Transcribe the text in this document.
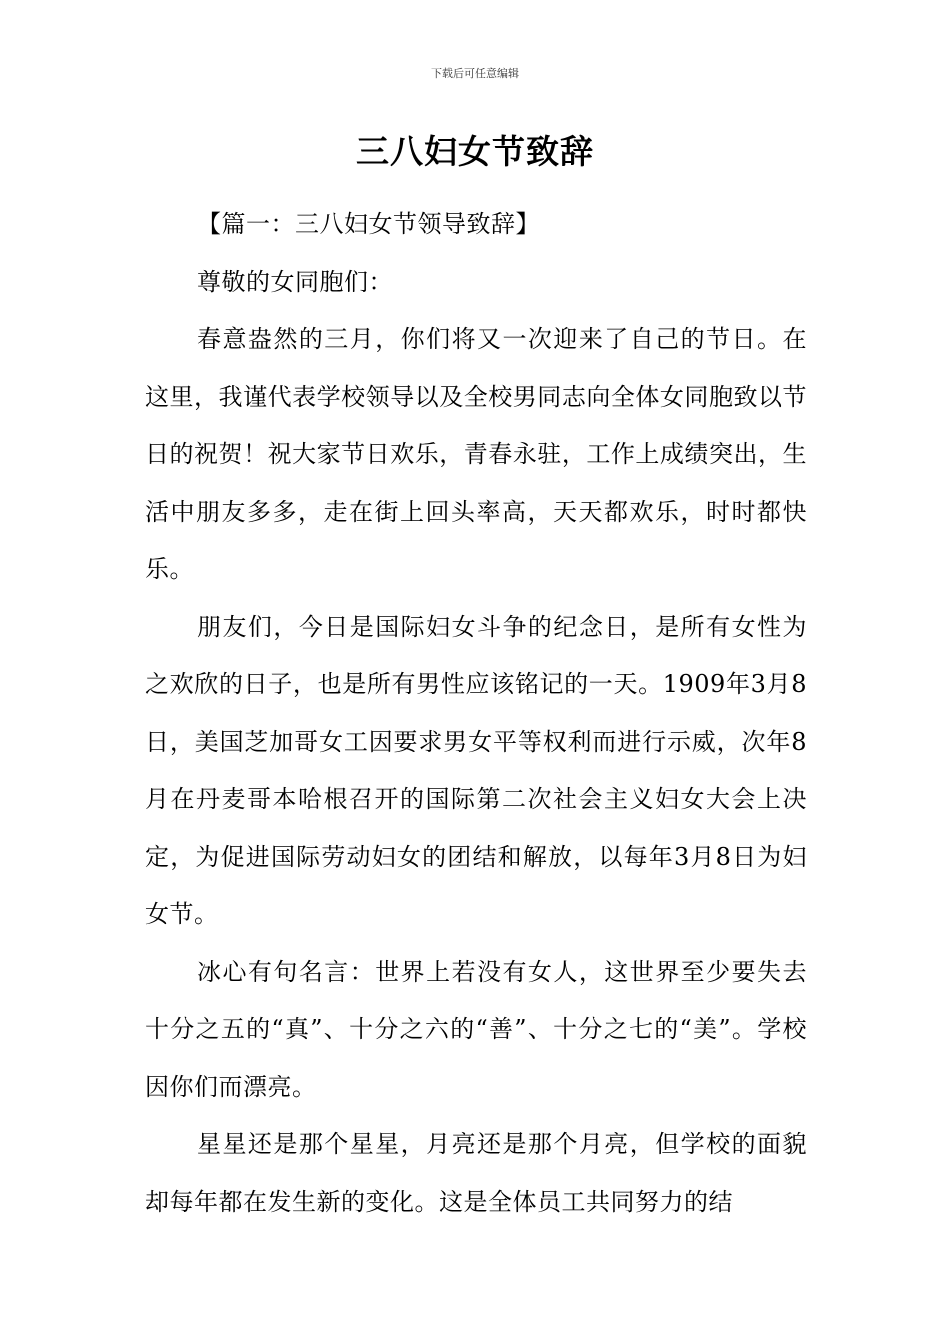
下载后可任意编辑
三八妇女节致辞

【篇一：三八妇女节领导致辞】

尊敬的女同胞们：

春意盎然的三月，你们将又一次迎来了自己的节日。在这里，我谨代表学校领导以及全校男同志向全体女同胞致以节日的祝贺！祝大家节日欢乐，青春永驻，工作上成绩突出，生活中朋友多多，走在街上回头率高，天天都欢乐，时时都快乐。

朋友们，今日是国际妇女斗争的纪念日，是所有女性为之欢欣的日子，也是所有男性应该铭记的一天。1909年3月8日，美国芝加哥女工因要求男女平等权利而进行示威，次年8月在丹麦哥本哈根召开的国际第二次社会主义妇女大会上决定，为促进国际劳动妇女的团结和解放，以每年3月8日为妇女节。

冰心有句名言：世界上若没有女人，这世界至少要失去十分之五的“真”、十分之六的“善”、十分之七的“美”。学校因你们而漂亮。

星星还是那个星星，月亮还是那个月亮，但学校的面貌却每年都在发生新的变化。这是全体员工共同努力的结
